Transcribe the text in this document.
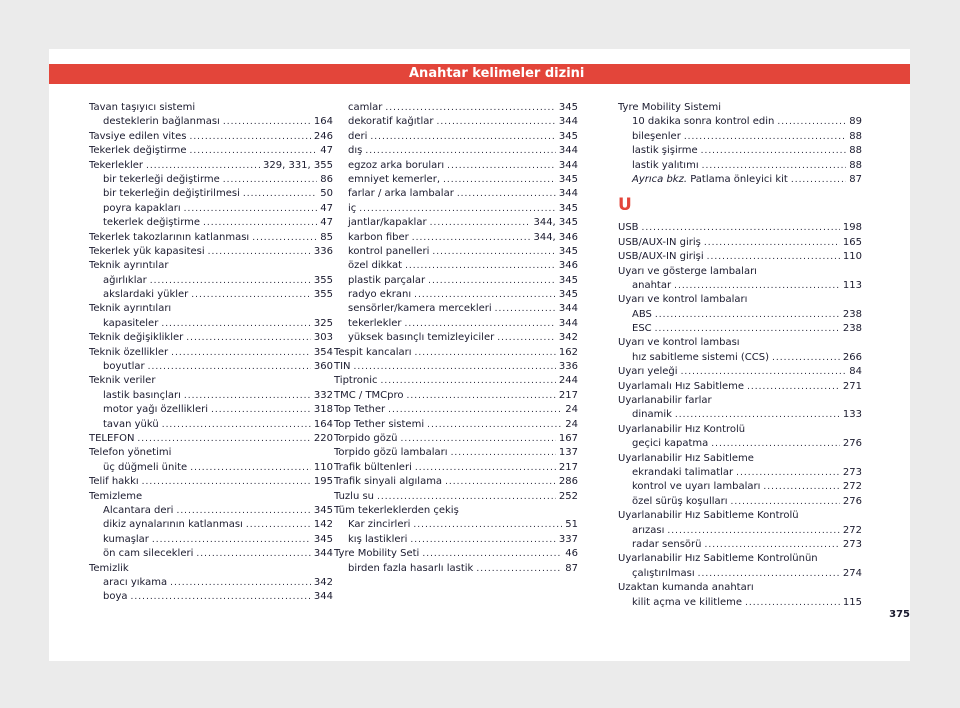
Anahtar kelimeler dizini
Tavan taşıyıcı sistemi
desteklerin bağlanması .....	164
Tavsiye edilen vites .....	246
Tekerlek değiştirme .....	47
Tekerlekler .....	329, 331, 355
bir tekerleği değiştirme .....	86
bir tekerleğin değiştirilmesi .....	50
poyra kapakları .....	47
tekerlek değiştirme .....	47
Tekerlek takozlarının katlanması .....	85
Tekerlek yük kapasitesi .....	336
Teknik ayrıntılar
ağırlıklar .....	355
akslardaki yükler .....	355
Teknik ayrıntıları
kapasiteler .....	325
Teknik değişiklikler .....	303
Teknik özellikler .....	354
boyutlar .....	360
Teknik veriler
lastik basınçları .....	332
motor yağı özellikleri .....	318
tavan yükü .....	164
TELEFON .....	220
Telefon yönetimi
üç düğmeli ünite .....	110
Telif hakkı .....	195
Temizleme
Alcantara deri .....	345
dikiz aynalarının katlanması .....	142
kumaşlar .....	345
ön cam silecekleri .....	344
Temizlik
aracı yıkama .....	342
boya .....	344
camlar .....	345
dekoratif kağıtlar .....	344
deri .....	345
dış .....	344
egzoz arka boruları .....	344
emniyet kemerler, .....	345
farlar / arka lambalar .....	344
iç .....	345
jantlar/kapaklar .....	344, 345
karbon fiber .....	344, 346
kontrol panelleri .....	345
özel dikkat .....	346
plastik parçalar .....	345
radyo ekranı .....	345
sensörler/kamera mercekleri .....	344
tekerlekler .....	344
yüksek basınçlı temizleyiciler .....	342
Tespit kancaları .....	162
TIN .....	336
Tiptronic .....	244
TMC / TMCpro .....	217
Top Tether .....	24
Top Tether sistemi .....	24
Torpido gözü .....	167
Torpido gözü lambaları .....	137
Trafik bültenleri .....	217
Trafik sinyali algılama .....	286
Tuzlu su .....	252
Tüm tekerleklerden çekiş
Kar zincirleri .....	51
kış lastikleri .....	337
Tyre Mobility Seti .....	46
birden fazla hasarlı lastik .....	87
Tyre Mobility Sistemi
10 dakika sonra kontrol edin .....	89
bileşenler .....	88
lastik şişirme .....	88
lastik yalıtımı .....	88
Ayrıca bkz. Patlama önleyici kit .....	87
U
USB .....	198
USB/AUX-IN giriş .....	165
USB/AUX-IN girişi .....	110
Uyarı ve gösterge lambaları
anahtar .....	113
Uyarı ve kontrol lambaları
ABS .....	238
ESC .....	238
Uyarı ve kontrol lambası
hız sabitleme sistemi (CCS) .....	266
Uyarı yeleği .....	84
Uyarlamalı Hız Sabitleme .....	271
Uyarlanabilir farlar
dinamik .....	133
Uyarlanabilir Hız Kontrolü
geçici kapatma .....	276
Uyarlanabilir Hız Sabitleme
ekrandaki talimatlar .....	273
kontrol ve uyarı lambaları .....	272
özel sürüş koşulları .....	276
Uyarlanabilir Hız Sabitleme Kontrolü
arızası .....	272
radar sensörü .....	273
Uyarlanabilir Hız Sabitleme Kontrolünün
çalıştırılması .....	274
Uzaktan kumanda anahtarı
kilit açma ve kilitleme .....	115
375
